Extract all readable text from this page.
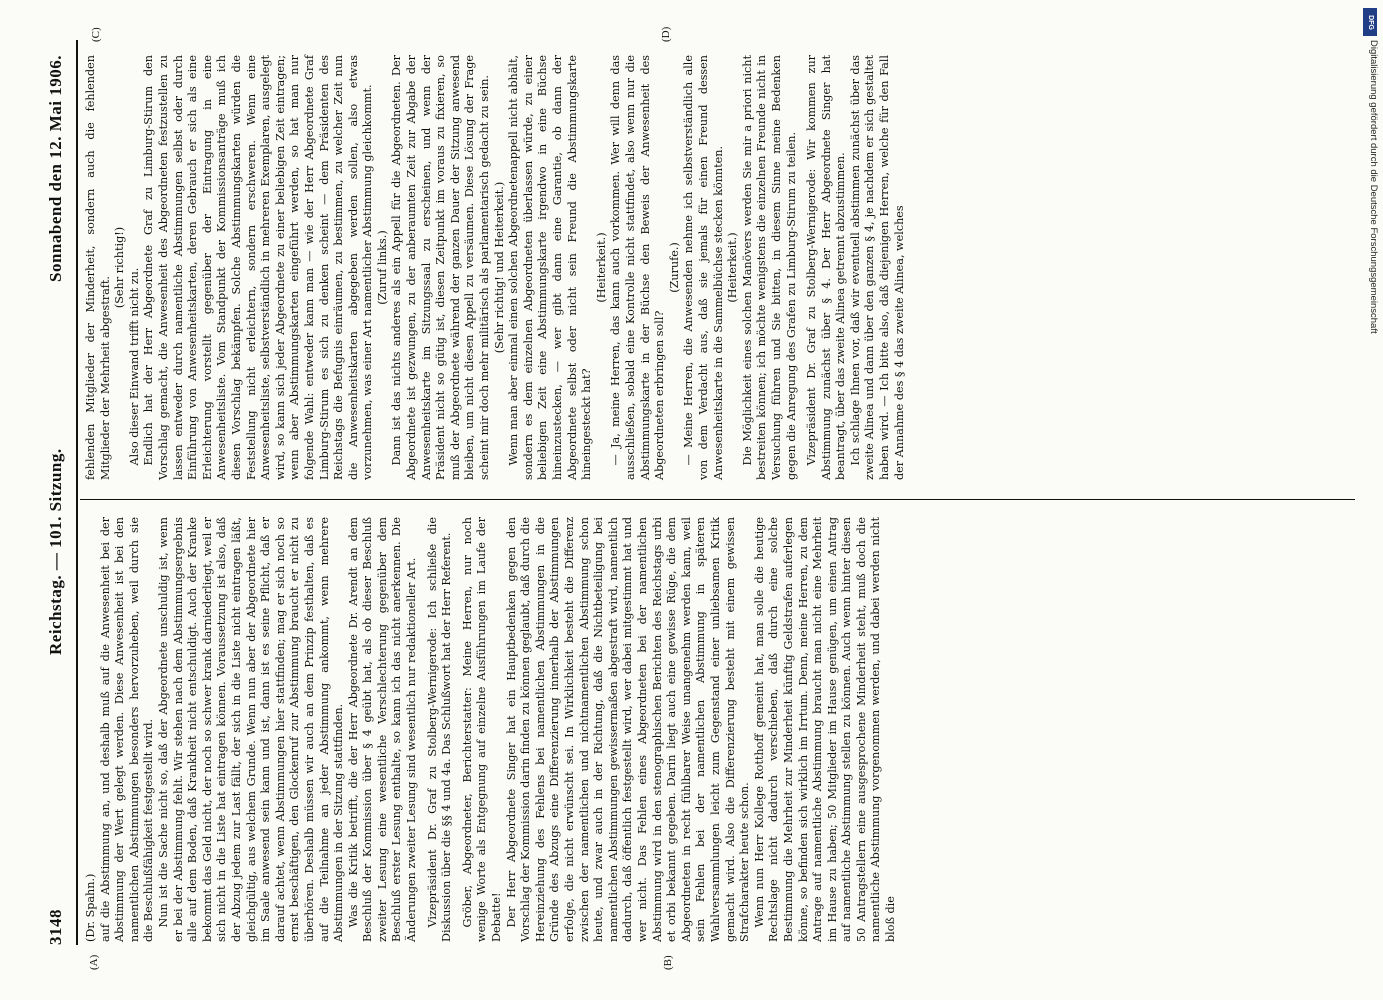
3148
Reichstag. — 101. Sitzung.
Sonnabend den 12. Mai 1906.
(A)	(B)
(C)	(D)

(Dr. Spahn.) auf die Abstimmung an, und deshalb muß auf die Anwesenheit bei der Abstimmung der Wert gelegt werden. Diese Anwesenheit ist bei den namentlichen Abstimmungen besonders hervorzuheben, weil durch sie die Beschlußfähigkeit festgestellt wird. Nun ist die Sache nicht so, daß der Abgeordnete unschuldig ist, wenn er bei der Abstimmung fehlt. Wir stehen nach dem Abstimmungsergebnis alle auf dem Boden, daß Krankheit nicht entschuldigt. Auch der Kranke bekommt das Geld nicht, der noch so schwer krank darniederliegt, weil er sich nicht in die Liste hat eintragen können. Voraussetzung ist also, daß der Abzug jedem zur Last fällt, der sich in die Liste nicht eintragen läßt, gleichgültig, aus welchem Grunde. Wenn nun aber der Abgeordnete hier im Saale anwesend sein kann und ist, dann ist es seine Pflicht, daß er darauf achtet, wenn Abstimmungen hier stattfinden; mag er sich noch so ernst beschäftigen, den Glockenruf zur Abstimmung braucht er nicht zu überhören. Deshalb müssen wir auch an dem Prinzip festhalten, daß es auf die Teilnahme an jeder Abstimmung ankommt, wenn mehrere Abstimmungen in der Sitzung stattfinden. Was die Kritik betrifft, die der Herr Abgeordnete Dr. Arendt an dem Beschluß der Kommission über § 4 geübt hat, als ob dieser Beschluß zweiter Lesung eine wesentliche Verschlechterung gegenüber dem Beschluß erster Lesung enthalte, so kann ich das nicht anerkennen. Die Änderungen zweiter Lesung sind wesentlich nur redaktioneller Art. Vizepräsident Dr. Graf zu Stolberg-Wernigerode: Ich schließe die Diskussion über die §§ 4 und 4a. Das Schlußwort hat der Herr Referent. Gröber, Abgeordneter, Berichterstatter: Meine Herren, nur noch wenige Worte als Entgegnung auf einzelne Ausführungen im Laufe der Debatte! Der Herr Abgeordnete Singer hat ein Hauptbedenken gegen den Vorschlag der Kommission darin finden zu können geglaubt, daß durch die Hereinziehung des Fehlens bei namentlichen Abstimmungen in die Gründe des Abzugs eine Differenzierung innerhalb der Abstimmungen erfolge, die nicht erwünscht sei. In Wirklichkeit besteht die Differenz zwischen der namentlichen und nichtnamentlichen Abstimmung schon heute, und zwar auch in der Richtung, daß die Nichtbeteiligung bei namentlichen Abstimmungen gewissermaßen abgestraft wird, namentlich dadurch, daß öffentlich festgestellt wird, wer dabei mitgestimmt hat und wer nicht. Das Fehlen eines Abgeordneten bei der namentlichen Abstimmung wird in den stenographischen Berichten des Reichstags urbi et orbi bekannt gegeben. Darin liegt auch eine gewisse Rüge, die dem Abgeordneten in recht fühlbarer Weise unangenehm werden kann, weil sein Fehlen bei der namentlichen Abstimmung in späteren Wahlversammlungen leicht zum Gegenstand einer unliebsamen Kritik gemacht wird. Also die Differenzierung besteht mit einem gewissen Strafcharakter heute schon. Wenn nun Herr Kollege Rotthoff gemeint hat, man solle die heutige Rechtslage nicht dadurch verschieben, daß durch eine solche Bestimmung die Mehrheit zur Minderheit künftig Geldstrafen auferlegen könne, so befinden sich wirklich im Irrtum. Denn, meine Herren, zu dem Antrage auf namentliche Abstimmung braucht man nicht eine Mehrheit im Hause zu haben; 50 Mitglieder im Hause genügen, um einen Antrag auf namentliche Abstimmung stellen zu können. Auch wenn hinter diesen 50 Antragstellern eine ausgesprochene Minderheit steht, muß doch die namentliche Abstimmung vorgenommen werden, und dabei werden nicht bloß die

fehlenden Mitglieder der Minderheit, sondern auch die fehlenden Mitglieder der Mehrheit abgestraft.

(Sehr richtig!)

Also dieser Einwand trifft nicht zu. Endlich hat der Herr Abgeordnete Graf zu Limburg-Stirum den Vorschlag gemacht, die Anwesenheit des Abgeordneten festzustellen zu lassen entweder durch namentliche Abstimmungen selbst oder durch Einführung von Anwesenheitskarten, deren Gebrauch er sich als eine Erleichterung vorstellt gegenüber der Eintragung in eine Anwesenheitsliste. Vom Standpunkt der Kommissionsanträge muß ich diesen Vorschlag bekämpfen. Solche Abstimmungskarten würden die Feststellung nicht erleichtern, sondern erschweren. Wenn eine Anwesenheitsliste, selbstverständlich in mehreren Exemplaren, ausgelegt wird, so kann sich jeder Abgeordnete zu einer beliebigen Zeit eintragen; wenn aber Abstimmungskarten eingeführt werden, so hat man nur folgende Wahl: entweder kann man — wie der Herr Abgeordnete Graf Limburg-Stirum es sich zu denken scheint — dem Präsidenten des Reichstags die Befugnis einräumen, zu bestimmen, zu welcher Zeit nun die Anwesenheitskarten abgegeben werden sollen, also etwas vorzunehmen, was einer Art namentlicher Abstimmung gleichkommt. (Zuruf links.) Dann ist das nichts anderes als ein Appell für die Abgeordneten. Der Abgeordnete ist gezwungen, zu der anberaumten Zeit zur Abgabe der Anwesenheitskarte im Sitzungssaal zu erscheinen, und wenn der Präsident nicht so gütig ist, diesen Zeitpunkt im voraus zu fixieren, so muß der Abgeordnete während der ganzen Dauer der Sitzung anwesend bleiben, um nicht diesen Appell zu versäumen. Diese Lösung der Frage scheint mir doch mehr militärisch als parlamentarisch gedacht zu sein. (Sehr richtig! und Heiterkeit.) Wenn man aber einmal einen solchen Abgeordnetenappell nicht abhält, sondern es dem einzelnen Abgeordneten überlassen würde, zu einer beliebigen Zeit eine Abstimmungskarte irgendwo in eine Büchse hineinzustecken, — wer gibt dann eine Garantie, ob dann der Abgeordnete selbst oder nicht sein Freund die Abstimmungskarte hineingesteckt hat?

(Heiterkeit.) — Ja, meine Herren, das kann auch vorkommen. Wer will denn das ausschließen, sobald eine Kontrolle nicht stattfindet, also wenn nur die Abstimmungskarte in der Büchse den Beweis der Anwesenheit des Abgeordneten erbringen soll?

(Zurufe.) — Meine Herren, die Anwesenden nehme ich selbstverständlich alle von dem Verdacht aus, daß sie jemals für einen Freund dessen Anwesenheitskarte in die Sammelbüchse stecken könnten. (Heiterkeit.) Die Möglichkeit eines solchen Manövers werden Sie mir a priori nicht bestreiten können; ich möchte wenigstens die einzelnen Freunde nicht in Versuchung führen und Sie bitten, in diesem Sinne meine Bedenken gegen die Anregung des Grafen zu Limburg-Stirum zu teilen. Vizepräsident Dr. Graf zu Stolberg-Wernigerode: Wir kommen zur Abstimmung zunächst über § 4. Der Herr Abgeordnete Singer hat beantragt, über das zweite Alinea getrennt abzustimmen. Ich schlage Ihnen vor, daß wir eventuell abstimmen zunächst über das zweite Alinea und dann über den ganzen § 4, je nachdem er sich gestaltet haben wird. — Ich bitte also, daß diejenigen Herren, welche für den Fall der Annahme des § 4 das zweite Alinea, welches

DFG
Digitalisierung gefördert durch die Deutsche Forschungsgemeinschaft
